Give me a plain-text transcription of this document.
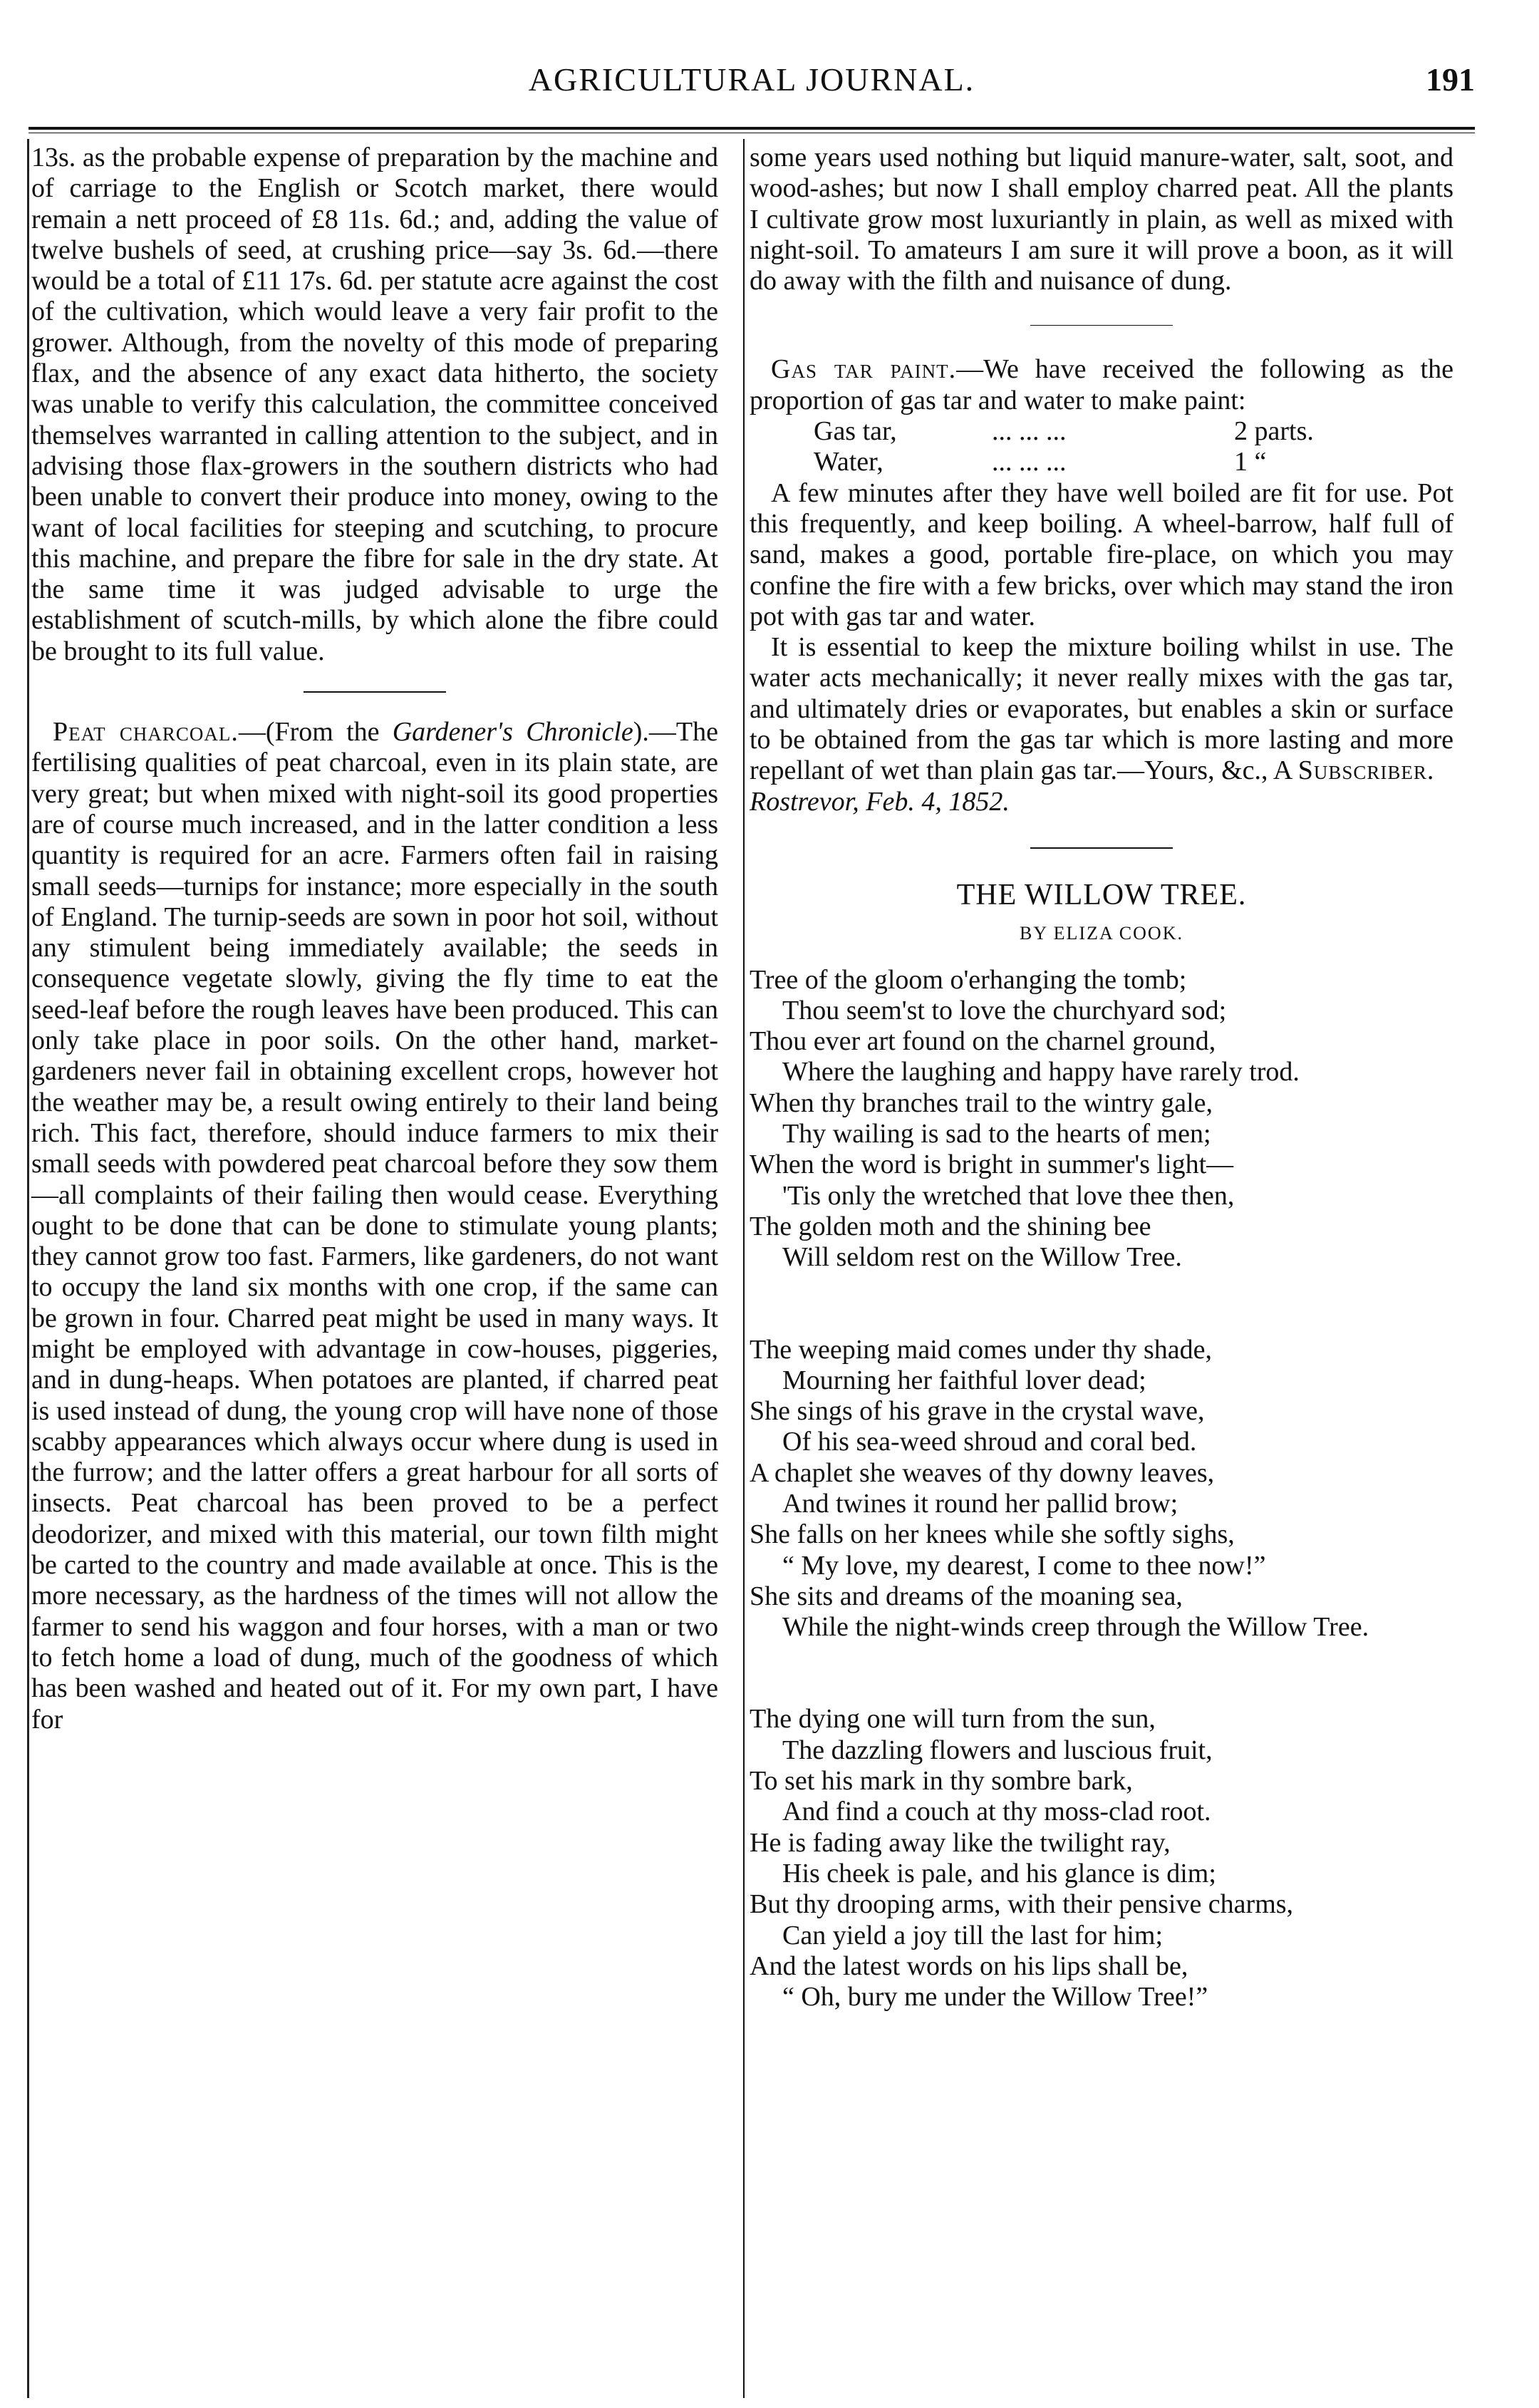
AGRICULTURAL JOURNAL.	191

13s. as the probable expense of preparation by the machine and of carriage to the English or Scotch market, there would remain a nett proceed of £8 11s. 6d.; and, adding the value of twelve bushels of seed, at crushing price—say 3s. 6d.—there would be a total of £11 17s. 6d. per statute acre against the cost of the cultivation, which would leave a very fair profit to the grower. Although, from the novelty of this mode of preparing flax, and the absence of any exact data hitherto, the society was unable to verify this calculation, the committee conceived themselves warranted in calling attention to the subject, and in advising those flax-growers in the southern districts who had been unable to convert their produce into money, owing to the want of local facilities for steeping and scutching, to procure this machine, and prepare the fibre for sale in the dry state. At the same time it was judged advisable to urge the establishment of scutch-mills, by which alone the fibre could be brought to its full value.

Peat charcoal.—(From the Gardener's Chronicle).—The fertilising qualities of peat charcoal, even in its plain state, are very great; but when mixed with night-soil its good properties are of course much increased, and in the latter condition a less quantity is required for an acre. Farmers often fail in raising small seeds—turnips for instance; more especially in the south of England. The turnip-seeds are sown in poor hot soil, without any stimulent being immediately available; the seeds in consequence vegetate slowly, giving the fly time to eat the seed-leaf before the rough leaves have been produced. This can only take place in poor soils. On the other hand, market-gardeners never fail in obtaining excellent crops, however hot the weather may be, a result owing entirely to their land being rich. This fact, therefore, should induce farmers to mix their small seeds with powdered peat charcoal before they sow them—all complaints of their failing then would cease. Everything ought to be done that can be done to stimulate young plants; they cannot grow too fast. Farmers, like gardeners, do not want to occupy the land six months with one crop, if the same can be grown in four. Charred peat might be used in many ways. It might be employed with advantage in cow-houses, piggeries, and in dung-heaps. When potatoes are planted, if charred peat is used instead of dung, the young crop will have none of those scabby appearances which always occur where dung is used in the furrow; and the latter offers a great harbour for all sorts of insects. Peat charcoal has been proved to be a perfect deodorizer, and mixed with this material, our town filth might be carted to the country and made available at once. This is the more necessary, as the hardness of the times will not allow the farmer to send his waggon and four horses, with a man or two to fetch home a load of dung, much of the goodness of which has been washed and heated out of it. For my own part, I have for

some years used nothing but liquid manure-water, salt, soot, and wood-ashes; but now I shall employ charred peat. All the plants I cultivate grow most luxuriantly in plain, as well as mixed with night-soil. To amateurs I am sure it will prove a boon, as it will do away with the filth and nuisance of dung.

Gas tar paint.—We have received the following as the proportion of gas tar and water to make paint:

Gas tar,	... ... ...	2 parts.
Water,	... ... ...	1 “

A few minutes after they have well boiled are fit for use. Pot this frequently, and keep boiling. A wheel-barrow, half full of sand, makes a good, portable fire-place, on which you may confine the fire with a few bricks, over which may stand the iron pot with gas tar and water.

It is essential to keep the mixture boiling whilst in use. The water acts mechanically; it never really mixes with the gas tar, and ultimately dries or evaporates, but enables a skin or surface to be obtained from the gas tar which is more lasting and more repellant of wet than plain gas tar.—Yours, &c., A Subscriber.

Rostrevor, Feb. 4, 1852.

THE WILLOW TREE.
BY ELIZA COOK.
Tree of the gloom o'erhanging the tomb;
Thou seem'st to love the churchyard sod;
Thou ever art found on the charnel ground,
Where the laughing and happy have rarely trod.
When thy branches trail to the wintry gale,
Thy wailing is sad to the hearts of men;
When the word is bright in summer's light—
'Tis only the wretched that love thee then,
The golden moth and the shining bee
Will seldom rest on the Willow Tree.
The weeping maid comes under thy shade,
Mourning her faithful lover dead;
She sings of his grave in the crystal wave,
Of his sea-weed shroud and coral bed.
A chaplet she weaves of thy downy leaves,
And twines it round her pallid brow;
She falls on her knees while she softly sighs,
“ My love, my dearest, I come to thee now!”
She sits and dreams of the moaning sea,
While the night-winds creep through the Willow Tree.
The dying one will turn from the sun,
The dazzling flowers and luscious fruit,
To set his mark in thy sombre bark,
And find a couch at thy moss-clad root.
He is fading away like the twilight ray,
His cheek is pale, and his glance is dim;
But thy drooping arms, with their pensive charms,
Can yield a joy till the last for him;
And the latest words on his lips shall be,
“ Oh, bury me under the Willow Tree!”
